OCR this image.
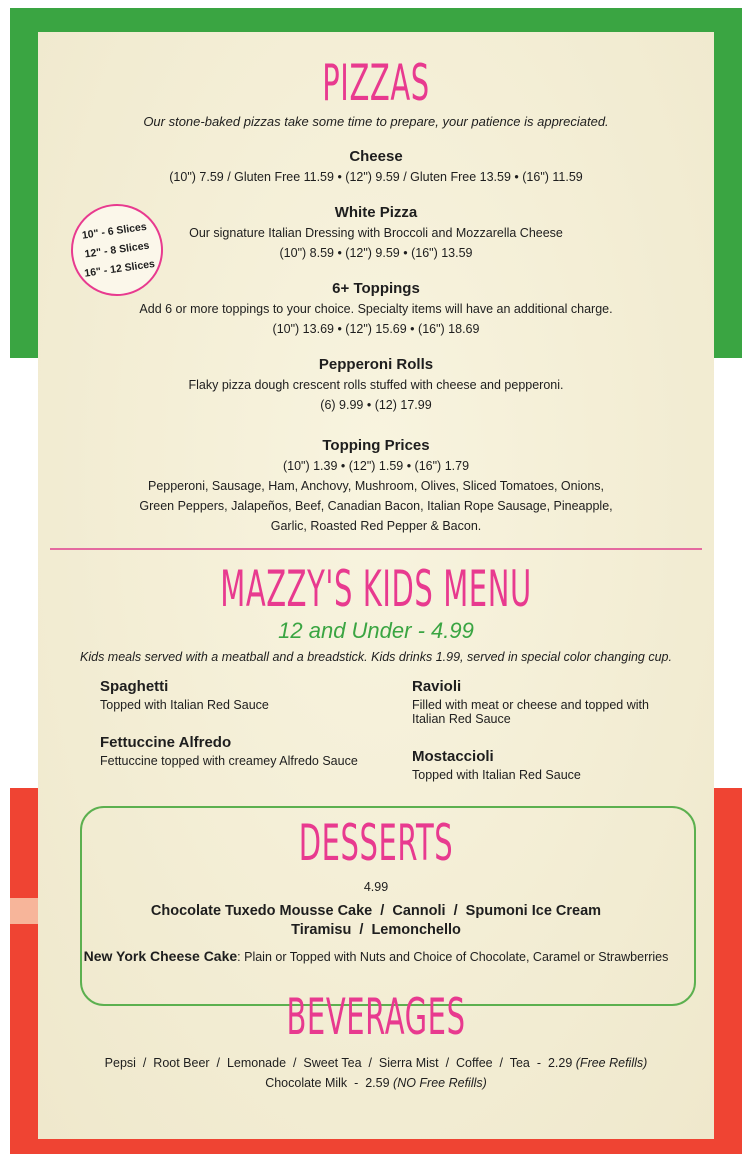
PIZZAS
Our stone-baked pizzas take some time to prepare, your patience is appreciated.
Cheese
(10") 7.59 / Gluten Free 11.59 • (12") 9.59 / Gluten Free 13.59 • (16") 11.59
White Pizza
Our signature Italian Dressing with Broccoli and Mozzarella Cheese
(10") 8.59 • (12") 9.59 • (16") 13.59
6+ Toppings
Add 6 or more toppings to your choice. Specialty items will have an additional charge.
(10") 13.69 • (12") 15.69 • (16") 18.69
Pepperoni Rolls
Flaky pizza dough crescent rolls stuffed with cheese and pepperoni.
(6) 9.99 • (12) 17.99
Topping Prices
(10") 1.39 • (12") 1.59 • (16") 1.79
Pepperoni, Sausage, Ham, Anchovy, Mushroom, Olives, Sliced Tomatoes, Onions,
Green Peppers, Jalapeños, Beef, Canadian Bacon, Italian Rope Sausage, Pineapple,
Garlic, Roasted Red Pepper & Bacon.
10" - 6 Slices
12" - 8 Slices
16" - 12 Slices
MAZZY'S KIDS MENU
12 and Under - 4.99
Kids meals served with a meatball and a breadstick. Kids drinks 1.99, served in special color changing cup.
Spaghetti
Topped with Italian Red Sauce
Fettuccine Alfredo
Fettuccine topped with creamey Alfredo Sauce
Ravioli
Filled with meat or cheese and topped with
Italian Red Sauce
Mostaccioli
Topped with Italian Red Sauce
DESSERTS
4.99
Chocolate Tuxedo Mousse Cake  /  Cannoli  /  Spumoni Ice Cream
Tiramisu  /  Lemonchello
New York Cheese Cake: Plain or Topped with Nuts and Choice of Chocolate, Caramel or Strawberries
BEVERAGES
Pepsi  /  Root Beer  /  Lemonade  /  Sweet Tea  /  Sierra Mist  /  Coffee  /  Tea  -  2.29 (Free Refills)
Chocolate Milk  -  2.59 (NO Free Refills)
